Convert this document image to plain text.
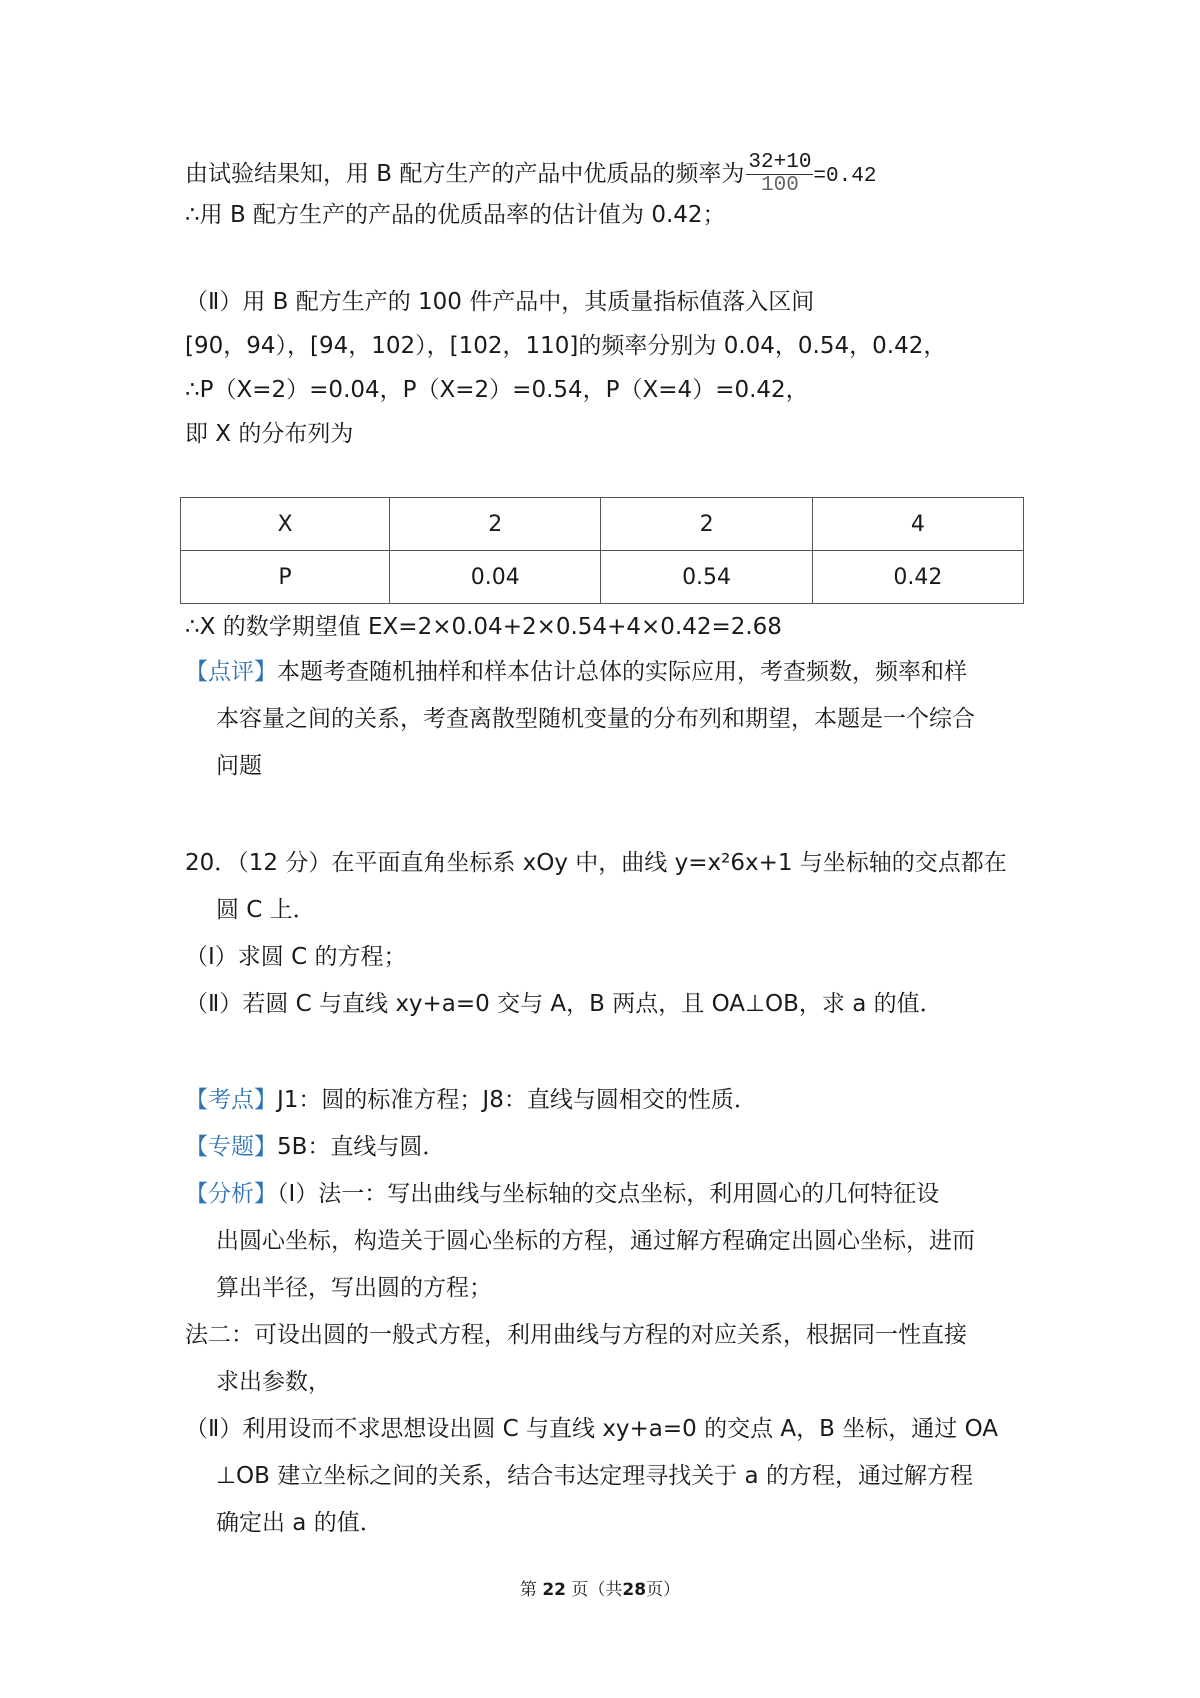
由试验结果知，用 B 配方生产的产品中优质品的频率为 $\frac{32+10}{100} =0.42$
∴用 B 配方生产的产品的优质品率的估计值为 0.42；
（Ⅱ）用 B 配方生产的 100 件产品中，其质量指标值落入区间
[90，94），[94，102），[102，110]的频率分别为 0.04，0.54，0.42，
∴P（X=2）=0.04，P（X=2）=0.54，P（X=4）=0.42，
即 X 的分布列为
X	2	2	4
P	0.04	0.54	0.42
∴X 的数学期望值 EX=2×0.04+2×0.54+4×0.42=2.68
【点评】本题考查随机抽样和样本估计总体的实际应用，考查频数，频率和样
本容量之间的关系，考查离散型随机变量的分布列和期望，本题是一个综合
问题
20．（12 分）在平面直角坐标系 xOy 中，曲线 y=x²6x+1 与坐标轴的交点都在
圆 C 上．
（Ⅰ）求圆 C 的方程；
（Ⅱ）若圆 C 与直线 xy+a=0 交与 A，B 两点，且 OA⊥OB，求 a 的值．
【考点】J1：圆的标准方程；J8：直线与圆相交的性质．
【专题】5B：直线与圆．
【分析】（Ⅰ）法一：写出曲线与坐标轴的交点坐标，利用圆心的几何特征设
出圆心坐标，构造关于圆心坐标的方程，通过解方程确定出圆心坐标，进而
算出半径，写出圆的方程；
法二：可设出圆的一般式方程，利用曲线与方程的对应关系，根据同一性直接
求出参数，
（Ⅱ）利用设而不求思想设出圆 C 与直线 xy+a=0 的交点 A，B 坐标，通过 OA
⊥OB 建立坐标之间的关系，结合韦达定理寻找关于 a 的方程，通过解方程
确定出 a 的值．
第 22 页（共28页）
